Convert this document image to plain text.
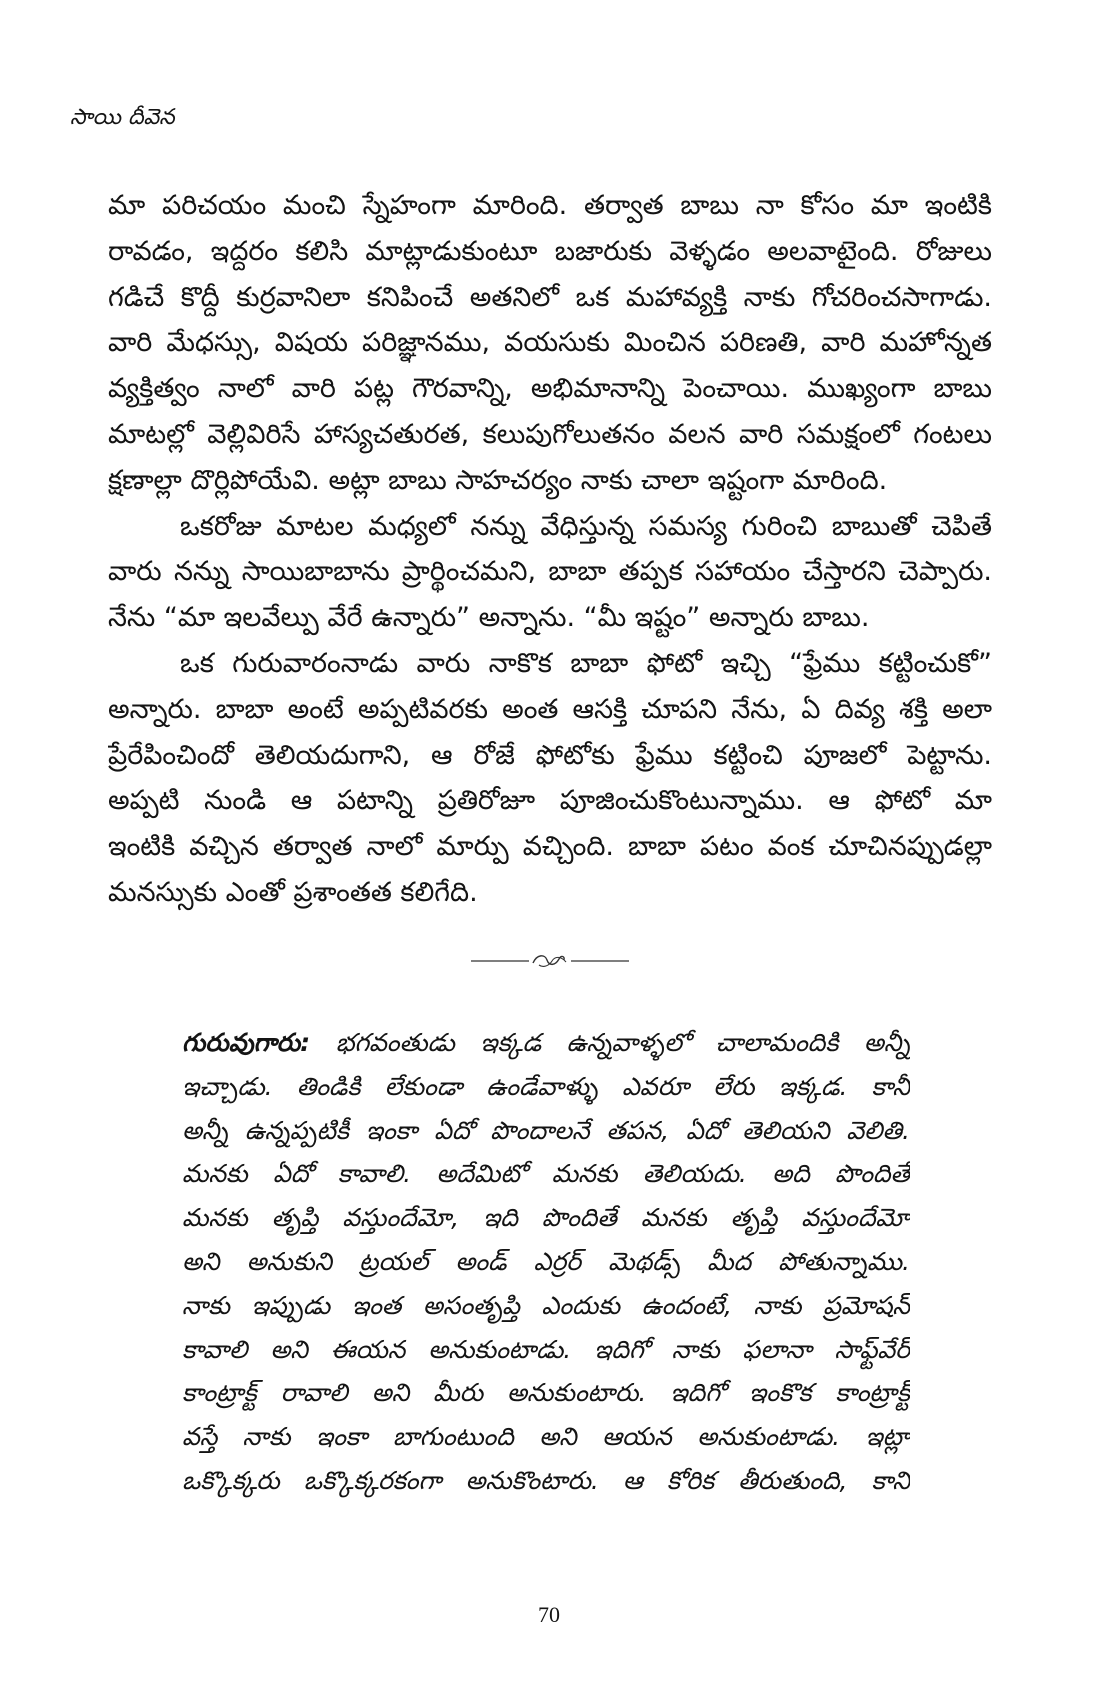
సాయి దీవెన
మా పరిచయం మంచి స్నేహంగా మారింది. తర్వాత బాబు నా కోసం మా ఇంటికి
రావడం, ఇద్దరం కలిసి మాట్లాడుకుంటూ బజారుకు వెళ్ళడం అలవాటైంది. రోజులు
గడిచే కొద్దీ కుర్రవానిలా కనిపించే అతనిలో ఒక మహావ్యక్తి నాకు గోచరించసాగాడు.
వారి మేధస్సు, విషయ పరిజ్ఞానము, వయసుకు మించిన పరిణతి, వారి మహోన్నత
వ్యక్తిత్వం నాలో వారి పట్ల గౌరవాన్ని, అభిమానాన్ని పెంచాయి. ముఖ్యంగా బాబు
మాటల్లో వెల్లివిరిసే హాస్యచతురత, కలుపుగోలుతనం వలన వారి సమక్షంలో గంటలు
క్షణాల్లా దొర్లిపోయేవి. అట్లా బాబు సాహచర్యం నాకు చాలా ఇష్టంగా మారింది.
ఒకరోజు మాటల మధ్యలో నన్ను వేధిస్తున్న సమస్య గురించి బాబుతో చెపితే
వారు నన్ను సాయిబాబాను ప్రార్థించమని, బాబా తప్పక సహాయం చేస్తారని చెప్పారు.
నేను “మా ఇలవేల్పు వేరే ఉన్నారు” అన్నాను. “మీ ఇష్టం” అన్నారు బాబు.
ఒక గురువారంనాడు వారు నాకొక బాబా ఫోటో ఇచ్చి “ఫ్రేము కట్టించుకో”
అన్నారు. బాబా అంటే అప్పటివరకు అంత ఆసక్తి చూపని నేను, ఏ దివ్య శక్తి అలా
ప్రేరేపించిందో తెలియదుగాని, ఆ రోజే ఫోటోకు ఫ్రేము కట్టించి పూజలో పెట్టాను.
అప్పటి నుండి ఆ పటాన్ని ప్రతిరోజూ పూజించుకొంటున్నాము. ఆ ఫోటో మా
ఇంటికి వచ్చిన తర్వాత నాలో మార్పు వచ్చింది. బాబా పటం వంక చూచినప్పుడల్లా
మనస్సుకు ఎంతో ప్రశాంతత కలిగేది.
గురువుగారు: భగవంతుడు ఇక్కడ ఉన్నవాళ్ళలో చాలామందికి అన్నీ
ఇచ్చాడు. తిండికి లేకుండా ఉండేవాళ్ళు ఎవరూ లేరు ఇక్కడ. కానీ
అన్నీ ఉన్నప్పటికీ ఇంకా ఏదో పొందాలనే తపన, ఏదో తెలియని వెలితి.
మనకు ఏదో కావాలి. అదేమిటో మనకు తెలియదు. అది పొందితే
మనకు తృప్తి వస్తుందేమో, ఇది పొందితే మనకు తృప్తి వస్తుందేమో
అని అనుకుని ట్రయల్ అండ్ ఎర్రర్ మెథడ్స్ మీద పోతున్నాము.
నాకు ఇప్పుడు ఇంత అసంతృప్తి ఎందుకు ఉందంటే, నాకు ప్రమోషన్
కావాలి అని ఈయన అనుకుంటాడు. ఇదిగో నాకు ఫలానా సాఫ్ట్‌వేర్
కాంట్రాక్ట్ రావాలి అని మీరు అనుకుంటారు. ఇదిగో ఇంకొక కాంట్రాక్ట్
వస్తే నాకు ఇంకా బాగుంటుంది అని ఆయన అనుకుంటాడు. ఇట్లా
ఒక్కొక్కరు ఒక్కొక్కరకంగా అనుకొంటారు. ఆ కోరిక తీరుతుంది, కాని
70
